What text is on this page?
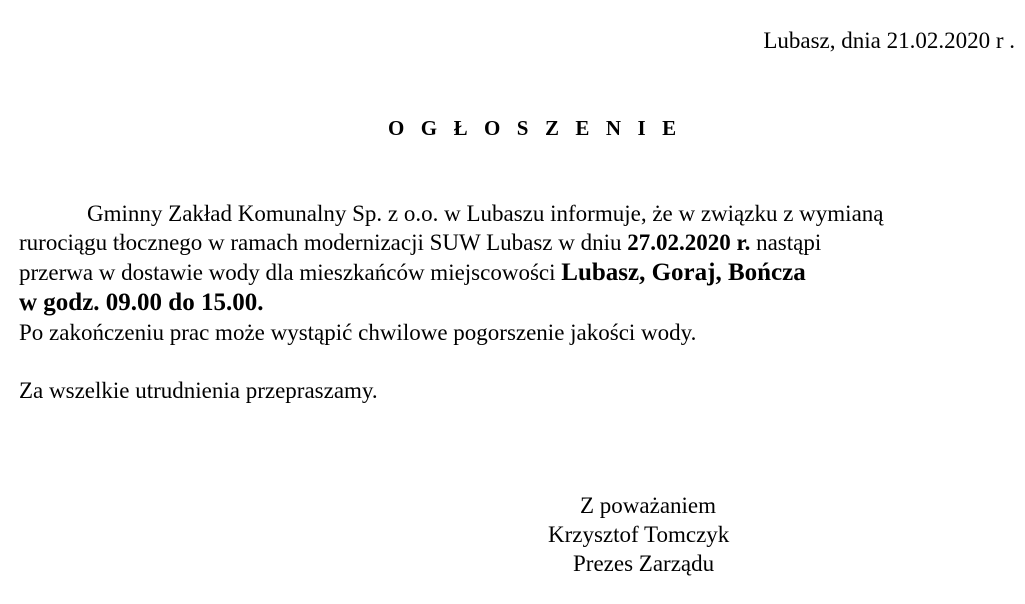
Lubasz, dnia 21.02.2020 r .
O G Ł O S Z E N I E
Gminny Zakład Komunalny Sp. z o.o. w Lubaszu informuje, że w związku z wymianą
rurociągu tłocznego w ramach modernizacji SUW Lubasz w dniu 27.02.2020 r. nastąpi
przerwa w dostawie wody dla mieszkańców miejscowości Lubasz, Goraj, Bończa
w godz. 09.00 do 15.00.
Po zakończeniu prac może wystąpić chwilowe pogorszenie jakości wody.
Za wszelkie utrudnienia przepraszamy.
Z poważaniem
Krzysztof Tomczyk
Prezes Zarządu
